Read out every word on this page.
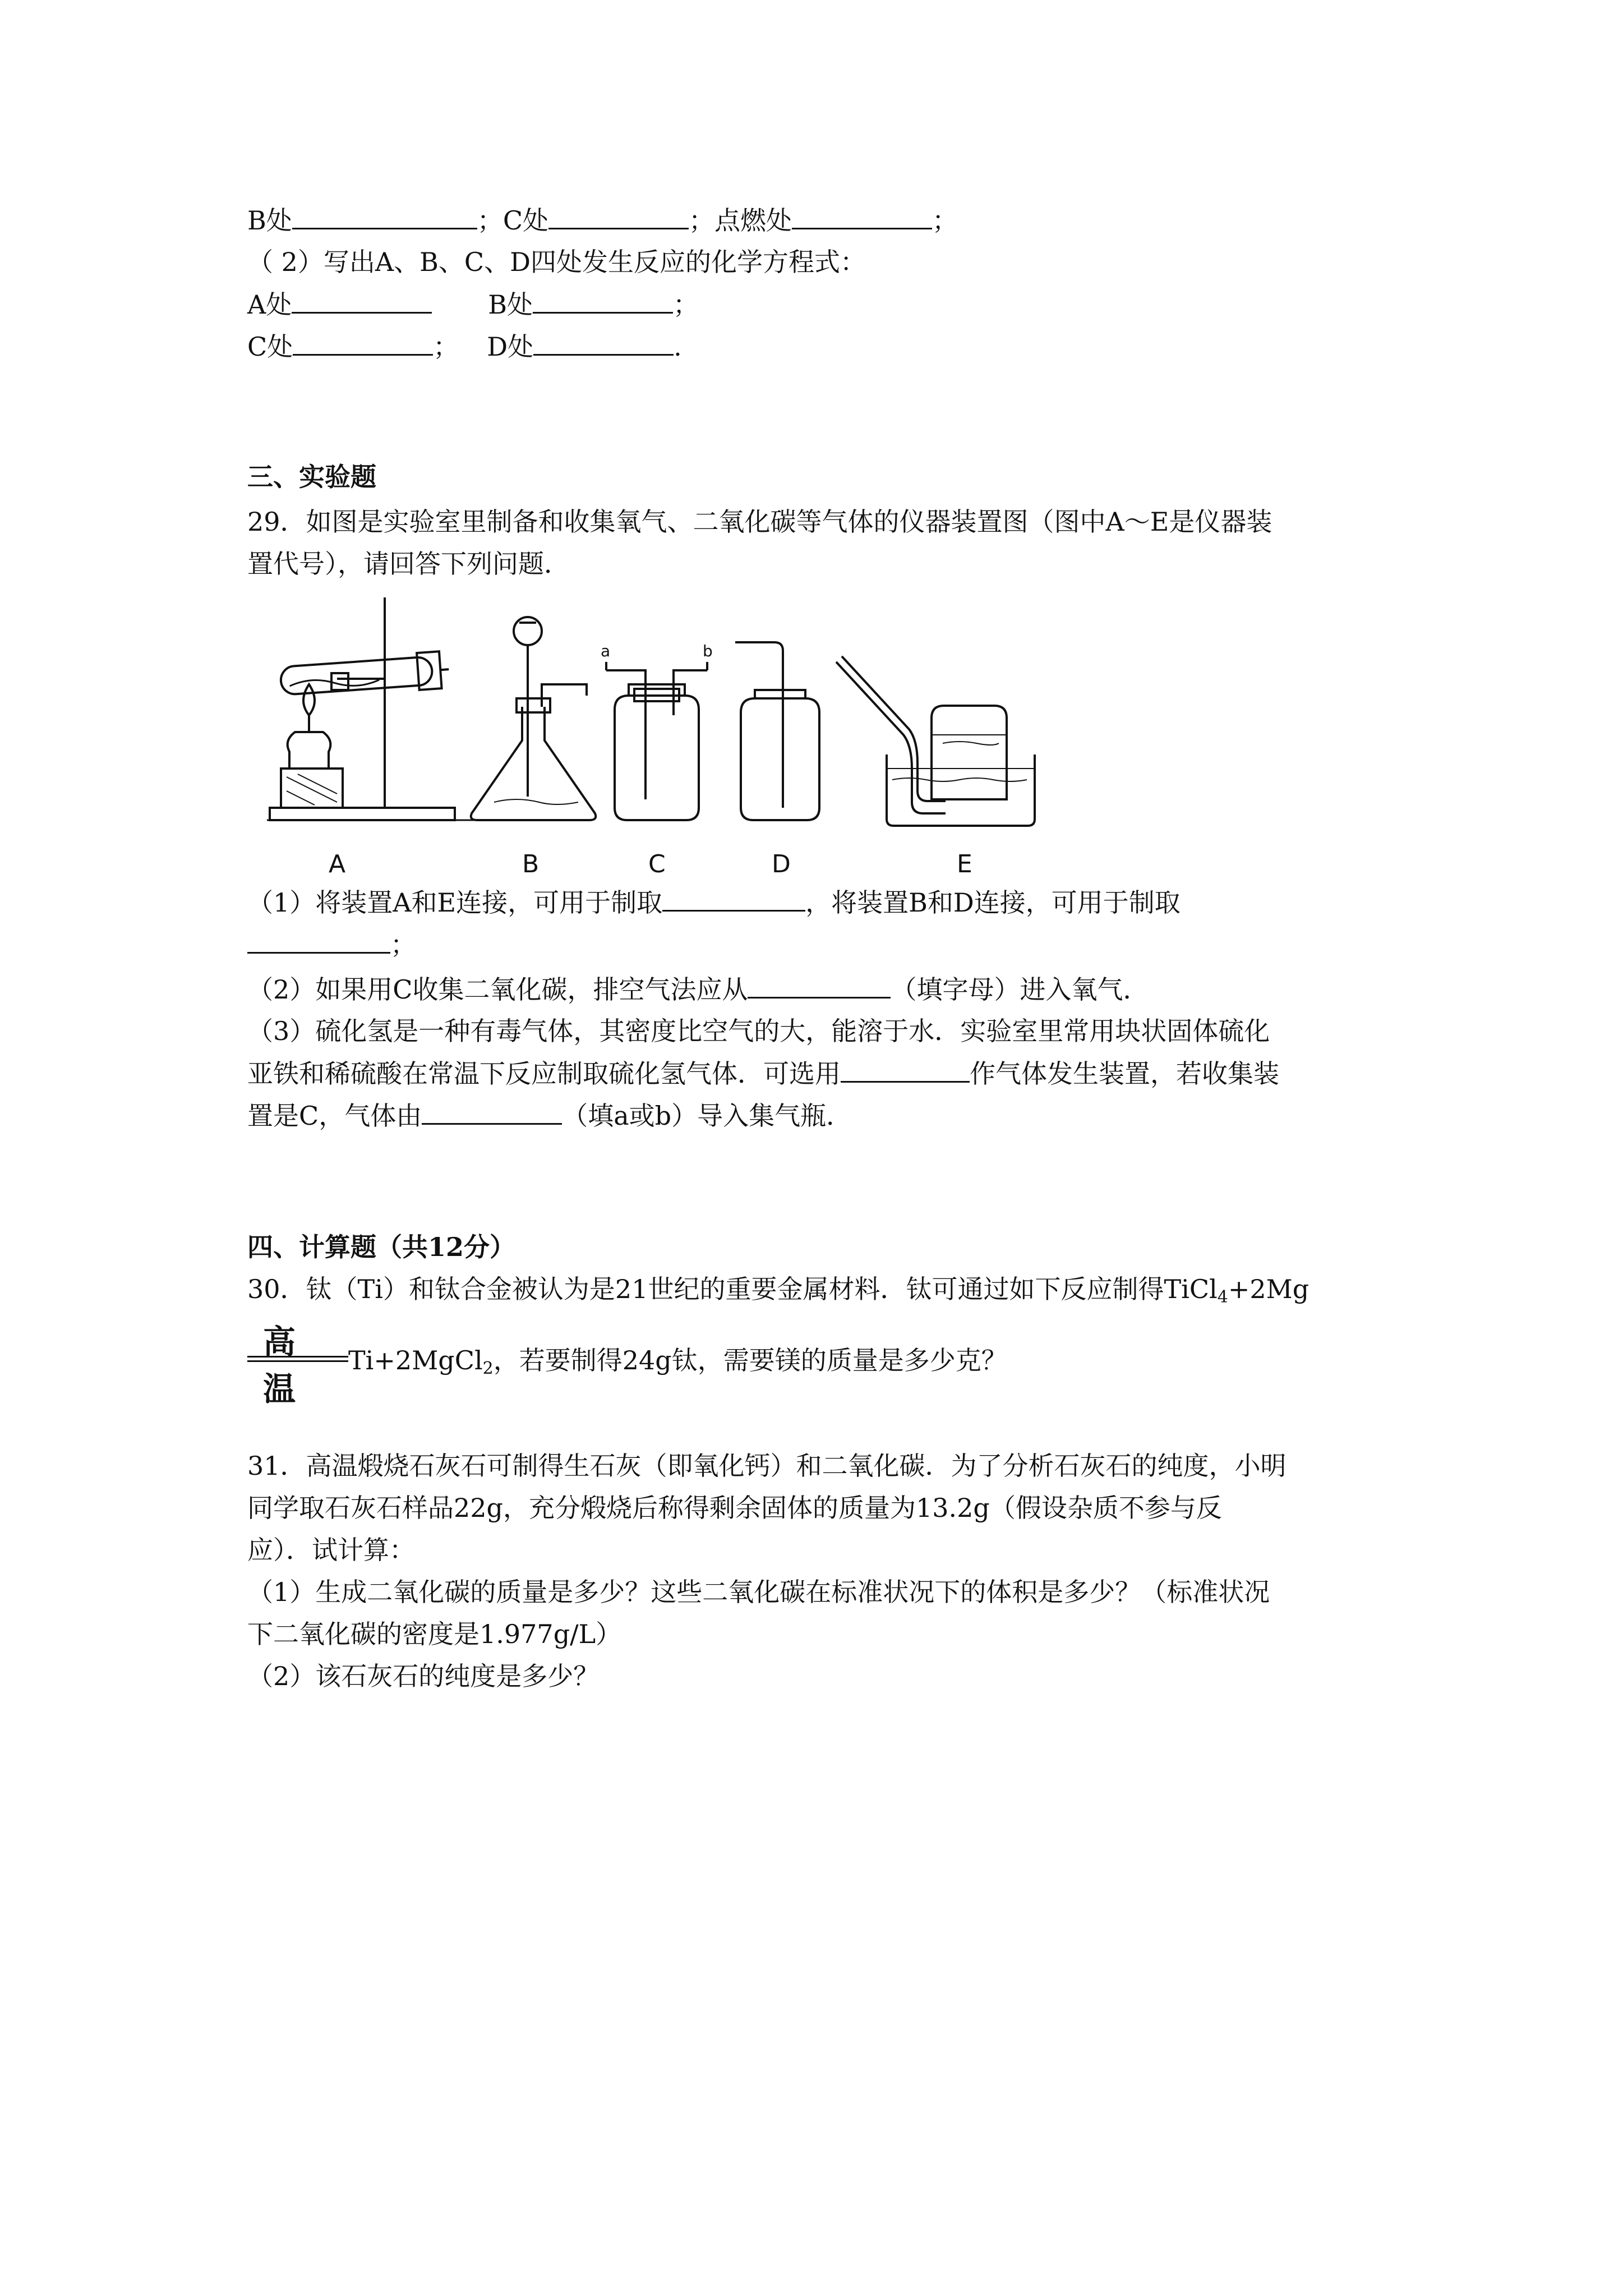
B处	；C处	；点燃处	；
（ 2）写出A、B、C、D四处发生反应的化学方程式：
A处	B处	；
C处	； D处	.
三、实验题
29．如图是实验室里制备和收集氧气、二氧化碳等气体的仪器装置图（图中A～E是仪器装
置代号），请回答下列问题．
A	B	C	D	E
a	b
（1）将装置A和E连接，可用于制取	，将装置B和D连接，可用于制取
；
（2）如果用C收集二氧化碳，排空气法应从	（填字母）进入氧气．
（3）硫化氢是一种有毒气体，其密度比空气的大，能溶于水．实验室里常用块状固体硫化
亚铁和稀硫酸在常温下反应制取硫化氢气体．可选用	作气体发生装置，若收集装
置是C，气体由	（填a或b）导入集气瓶．
四、计算题（共12分）
30．钛（Ti）和钛合金被认为是21世纪的重要金属材料．钛可通过如下反应制得TiCl$_4$+2Mg
高温
Ti+2MgCl$_2$，若要制得24g钛，需要镁的质量是多少克？
31．高温煅烧石灰石可制得生石灰（即氧化钙）和二氧化碳．为了分析石灰石的纯度，小明
同学取石灰石样品22g，充分煅烧后称得剩余固体的质量为13.2g（假设杂质不参与反
应）．试计算：
（1）生成二氧化碳的质量是多少？这些二氧化碳在标准状况下的体积是多少？（标准状况
下二氧化碳的密度是1.977g/L）
（2）该石灰石的纯度是多少？
